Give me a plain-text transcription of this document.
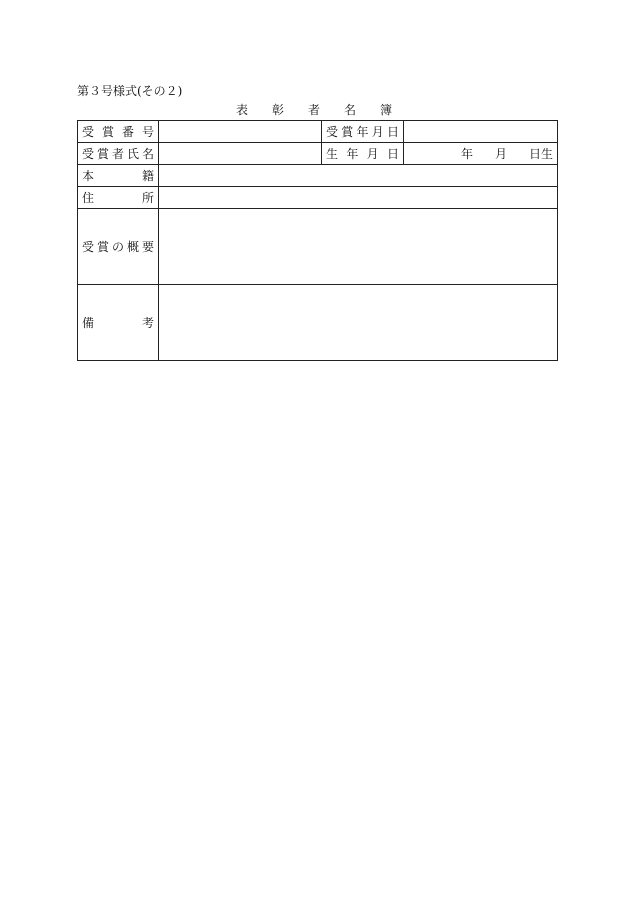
第３号様式(その２)
表 彰 者 名 簿
受 賞 番 号		受 賞 年 月 日	

受 賞 者 氏 名		生 年 月 日	年 月 日生

本 籍			

住 所			

受 賞 の 概 要			

備 考			
